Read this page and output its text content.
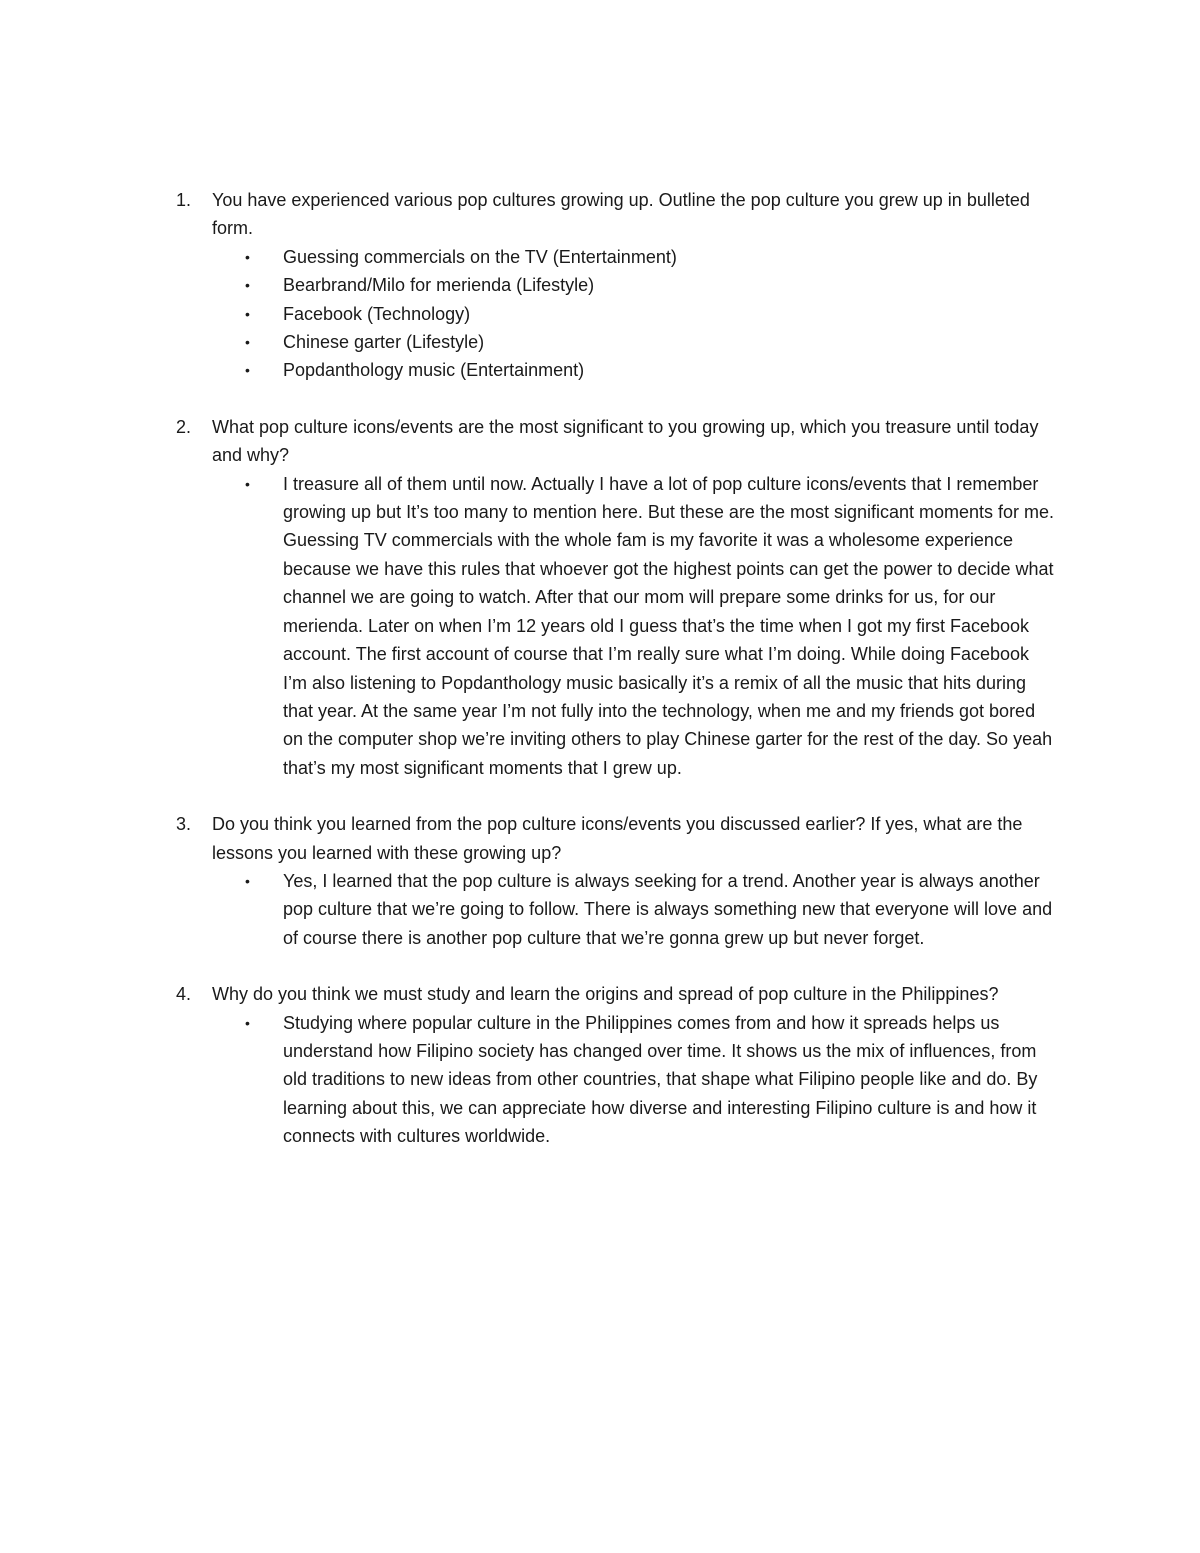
1. You have experienced various pop cultures growing up. Outline the pop culture you grew up in bulleted form.
• Guessing commercials on the TV (Entertainment)
• Bearbrand/Milo for merienda (Lifestyle)
• Facebook (Technology)
• Chinese garter (Lifestyle)
• Popdanthology music (Entertainment)
2. What pop culture icons/events are the most significant to you growing up, which you treasure until today and why?
• I treasure all of them until now. Actually I have a lot of pop culture icons/events that I remember growing up but It’s too many to mention here. But these are the most significant moments for me. Guessing TV commercials with the whole fam is my favorite it was a wholesome experience because we have this rules that whoever got the highest points can get the power to decide what channel we are going to watch. After that our mom will prepare some drinks for us, for our merienda. Later on when I’m 12 years old I guess that’s the time when I got my first Facebook account. The first account of course that I’m really sure what I’m doing. While doing Facebook I’m also listening to Popdanthology music basically it’s a remix of all the music that hits during that year. At the same year I’m not fully into the technology, when me and my friends got bored on the computer shop we’re inviting others to play Chinese garter for the rest of the day. So yeah that’s my most significant moments that I grew up.
3. Do you think you learned from the pop culture icons/events you discussed earlier? If yes, what are the lessons you learned with these growing up?
• Yes, I learned that the pop culture is always seeking for a trend. Another year is always another pop culture that we’re going to follow. There is always something new that everyone will love and of course there is another pop culture that we’re gonna grew up but never forget.
4. Why do you think we must study and learn the origins and spread of pop culture in the Philippines?
• Studying where popular culture in the Philippines comes from and how it spreads helps us understand how Filipino society has changed over time. It shows us the mix of influences, from old traditions to new ideas from other countries, that shape what Filipino people like and do. By learning about this, we can appreciate how diverse and interesting Filipino culture is and how it connects with cultures worldwide.
